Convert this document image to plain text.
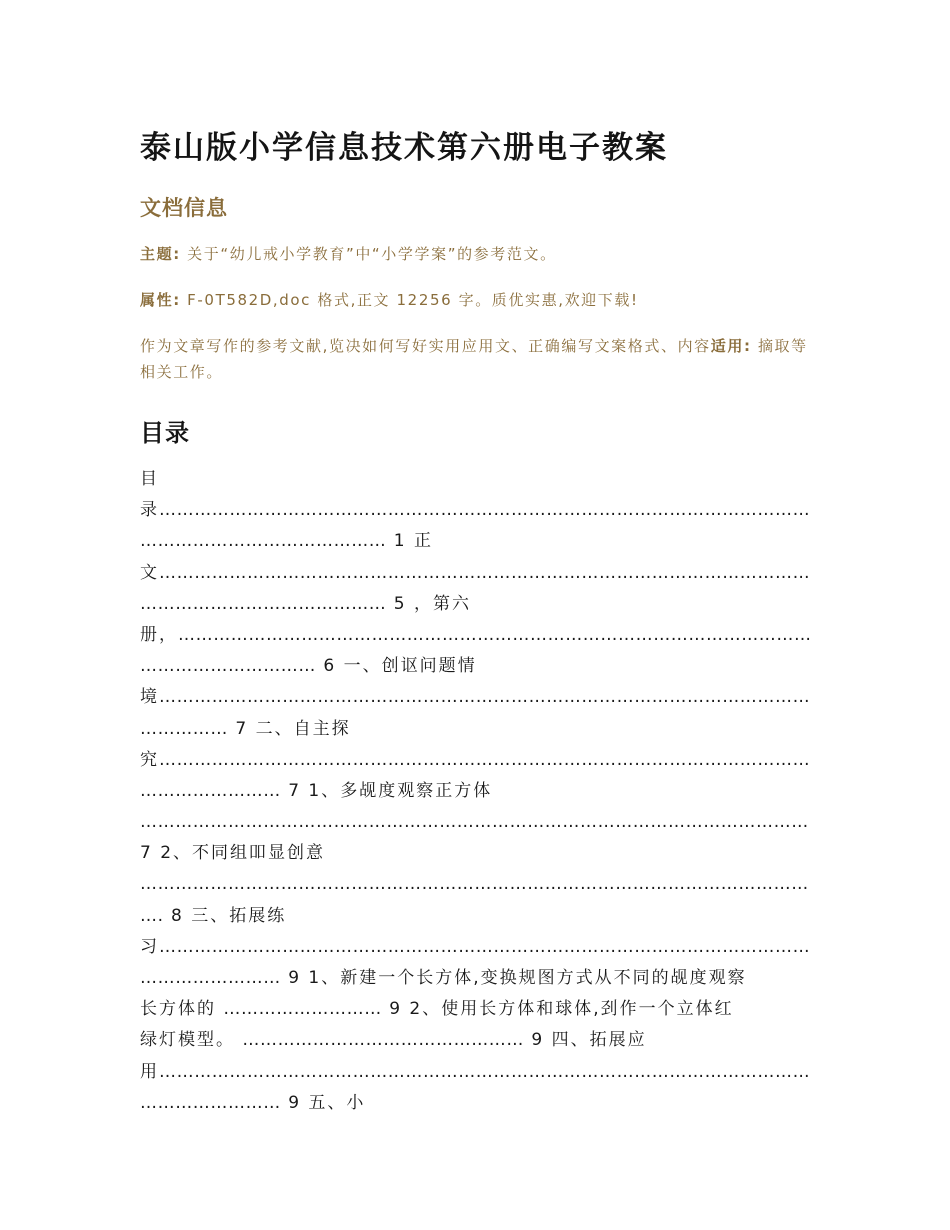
泰山版小学信息技术第六册电子教案
文档信息
主题: 关于“幼儿戒小学教育”中“小学学案”的参考范文。
属性: F-0T582D,doc 格式,正文 12256 字。质优实惠,欢迎下载!
作为文章写作的参考文献,览决如何写好实用应用文、正确编写文案格式、内容适用: 摘取等相关工作。
目录
目
录…………………………………………………………………………………………………
…………………………………… 1 正
文…………………………………………………………………………………………………
…………………………………… 5 ，第六
册，………………………………………………………………………………………………
………………………… 6 一、创讴问题情
境…………………………………………………………………………………………………
…………… 7 二、自主探
究…………………………………………………………………………………………………
…………………… 7 1、多觇度观察正方体
……………………………………………………………………………………………………
7 2、不同组吅显创意
……………………………………………………………………………………………………
…. 8 三、拓展练
习…………………………………………………………………………………………………
…………………… 9 1、新建一个长方体,变换规图方式从不同的觇度观察
长方体的 ……………………… 9 2、使用长方体和球体,刭作一个立体红
绿灯模型。 ………………………………………… 9 四、拓展应
用…………………………………………………………………………………………………
…………………… 9 五、小
